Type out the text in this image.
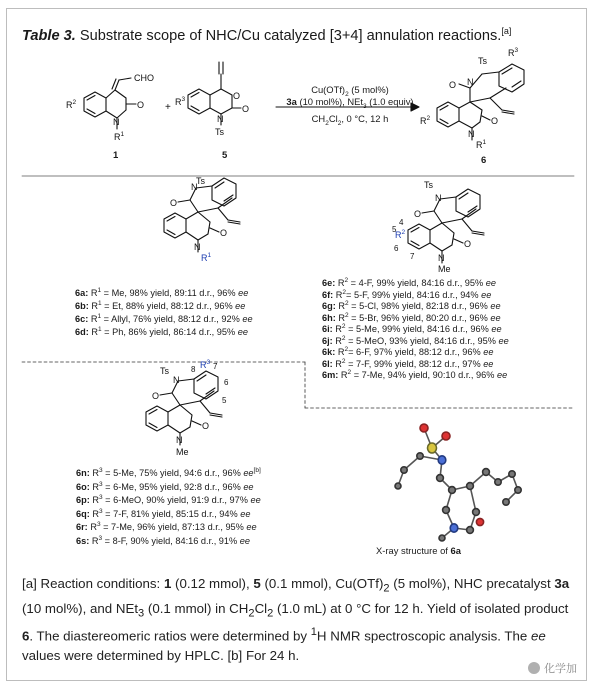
Table 3. Substrate scope of NHC/Cu catalyzed [3+4] annulation reactions.[a]
CHO
O
N
$R^1$
$R^2$	+
O
O
N
Ts
$R^3$
N
Ts
O
O
N
$R^1$
$R^2$
$R^3$
N
Ts
O
O
N
$R^1$
N
Ts
O
O
N
Me
$R^2$
4
5
6
7
N
Ts
O
O
N
Me
$R^3$
8 7
6
5
$Cu(OTf)_2$ (5 mol%)
3a (10 mol%), NEt$_3$ (1.0 equiv)
$CH_2Cl_2$, 0 °C, 12 h
1	5	6
6a: $R^1 = Me$, 98% yield, 89:11 d.r., 96% ee
6b: $R^1 = Et$, 88% yield, 88:12 d.r., 96% ee
6c: $R^1$ = Allyl, 76% yield, 88:12 d.r., 92% ee
6d: $R^1 = Ph$, 86% yield, 86:14 d.r., 95% ee
6e: $R^2 = 4-F$, 99% yield, 84:16 d.r., 95% ee
6f: $R^2= 5-F$, 99% yield, 84:16 d.r., 94% ee
6g: $R^2 = 5-Cl$, 98% yield, 82:18 d.r., 96% ee
6h: $R^2 = 5-Br$, 96% yield, 80:20 d.r., 96% ee
6i: $R^2 = 5-Me$, 99% yield, 84:16 d.r., 96% ee
6j: $R^2 = 5-MeO$, 93% yield, 84:16 d.r., 95% ee
6k: $R^2= 6-F$, 97% yield, 88:12 d.r., 96% ee
6l: $R^2 = 7-F$, 99% yield, 88:12 d.r., 97% ee
6m: $R^2 = 7-Me$, 94% yield, 90:10 d.r., 96% ee
6n: $R^3 = 5-Me$, 75% yield, 94:6 d.r., 96% ee[b]
6o: $R^3 = 6-Me$, 95% yield, 92:8 d.r., 96% ee
6p: $R^3 = 6-MeO$, 90% yield, 91:9 d.r., 97% ee
6q: $R^3 = 7-F$, 81% yield, 85:15 d.r., 94% ee
6r: $R^3 = 7-Me$, 96% yield, 87:13 d.r., 95% ee
6s: $R^3 = 8-F$, 90% yield, 84:16 d.r., 91% ee
X-ray structure of 6a

[a] Reaction conditions: 1 (0.12 mmol), 5 (0.1 mmol), $Cu(OTf)_2$ (5 mol%), NHC precatalyst 3a (10 mol%), and NEt$_3$ (0.1 mmol) in $CH_2Cl_2$ (1.0 mL) at 0 °C for 12 h. Yield of isolated product 6. The diastereomeric ratios were determined by $^1$H NMR spectroscopic analysis. The ee values were determined by HPLC. [b] For 24 h.

化学加
